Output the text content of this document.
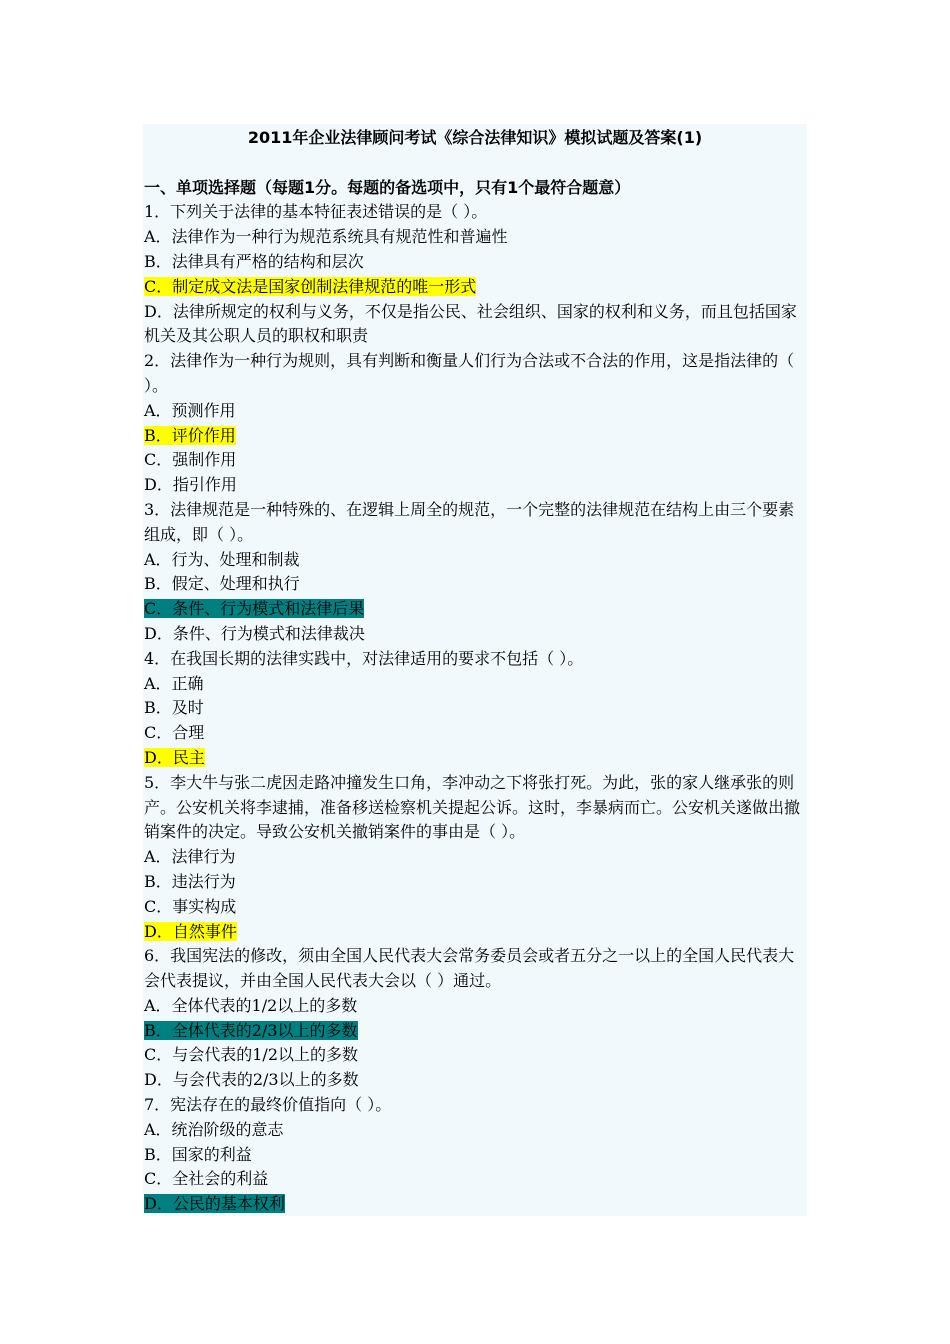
2011年企业法律顾问考试《综合法律知识》模拟试题及答案(1)

一、单项选择题（每题1分。每题的备选项中，只有1个最符合题意）

1．下列关于法律的基本特征表述错误的是（ ）。

A．法律作为一种行为规范系统具有规范性和普遍性

B．法律具有严格的结构和层次

C．制定成文法是国家创制法律规范的唯一形式

D．法律所规定的权利与义务，不仅是指公民、社会组织、国家的权利和义务，而且包括国家机关及其公职人员的职权和职责

2．法律作为一种行为规则，具有判断和衡量人们行为合法或不合法的作用，这是指法律的（ ）。

A．预测作用

B．评价作用

C．强制作用

D．指引作用

3．法律规范是一种特殊的、在逻辑上周全的规范，一个完整的法律规范在结构上由三个要素组成，即（ ）。

A．行为、处理和制裁

B．假定、处理和执行

C．条件、行为模式和法律后果

D．条件、行为模式和法律裁决

4．在我国长期的法律实践中，对法律适用的要求不包括（ ）。

A．正确

B．及时

C．合理

D．民主

5．李大牛与张二虎因走路冲撞发生口角，李冲动之下将张打死。为此，张的家人继承张的则产。公安机关将李逮捕，准备移送检察机关提起公诉。这时，李暴病而亡。公安机关遂做出撤销案件的决定。导致公安机关撤销案件的事由是（ ）。

A．法律行为

B．违法行为

C．事实构成

D．自然事件

6．我国宪法的修改，须由全国人民代表大会常务委员会或者五分之一以上的全国人民代表大会代表提议，并由全国人民代表大会以（ ）通过。

A．全体代表的1/2以上的多数

B．全体代表的2/3以上的多数

C．与会代表的1/2以上的多数

D．与会代表的2/3以上的多数

7．宪法存在的最终价值指向（ ）。

A．统治阶级的意志

B．国家的利益

C．全社会的利益

D．公民的基本权利
